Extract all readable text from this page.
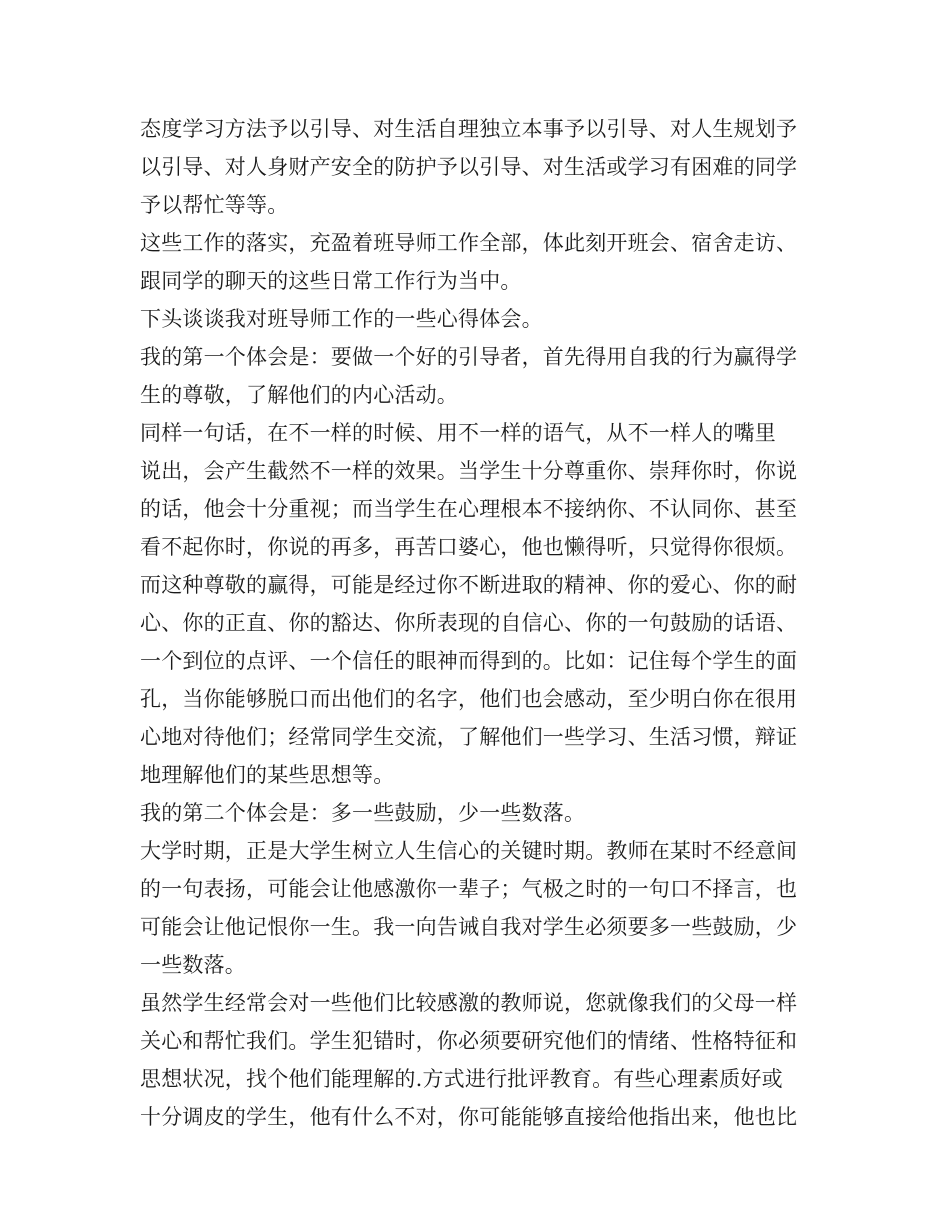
态度学习方法予以引导、对生活自理独立本事予以引导、对人生规划予
以引导、对人身财产安全的防护予以引导、对生活或学习有困难的同学
予以帮忙等等。
这些工作的落实，充盈着班导师工作全部，体此刻开班会、宿舍走访、
跟同学的聊天的这些日常工作行为当中。
下头谈谈我对班导师工作的一些心得体会。
我的第一个体会是：要做一个好的引导者，首先得用自我的行为赢得学
生的尊敬，了解他们的内心活动。
同样一句话，在不一样的时候、用不一样的语气，从不一样人的嘴里
说出，会产生截然不一样的效果。当学生十分尊重你、崇拜你时，你说
的话，他会十分重视；而当学生在心理根本不接纳你、不认同你、甚至
看不起你时，你说的再多，再苦口婆心，他也懒得听，只觉得你很烦。
而这种尊敬的赢得，可能是经过你不断进取的精神、你的爱心、你的耐
心、你的正直、你的豁达、你所表现的自信心、你的一句鼓励的话语、
一个到位的点评、一个信任的眼神而得到的。比如：记住每个学生的面
孔，当你能够脱口而出他们的名字，他们也会感动，至少明白你在很用
心地对待他们；经常同学生交流，了解他们一些学习、生活习惯，辩证
地理解他们的某些思想等。
我的第二个体会是：多一些鼓励，少一些数落。
大学时期，正是大学生树立人生信心的关键时期。教师在某时不经意间
的一句表扬，可能会让他感激你一辈子；气极之时的一句口不择言，也
可能会让他记恨你一生。我一向告诫自我对学生必须要多一些鼓励，少
一些数落。
虽然学生经常会对一些他们比较感激的教师说，您就像我们的父母一样
关心和帮忙我们。学生犯错时，你必须要研究他们的情绪、性格特征和
思想状况，找个他们能理解的.方式进行批评教育。有些心理素质好或
十分调皮的学生，他有什么不对，你可能能够直接给他指出来，他也比
